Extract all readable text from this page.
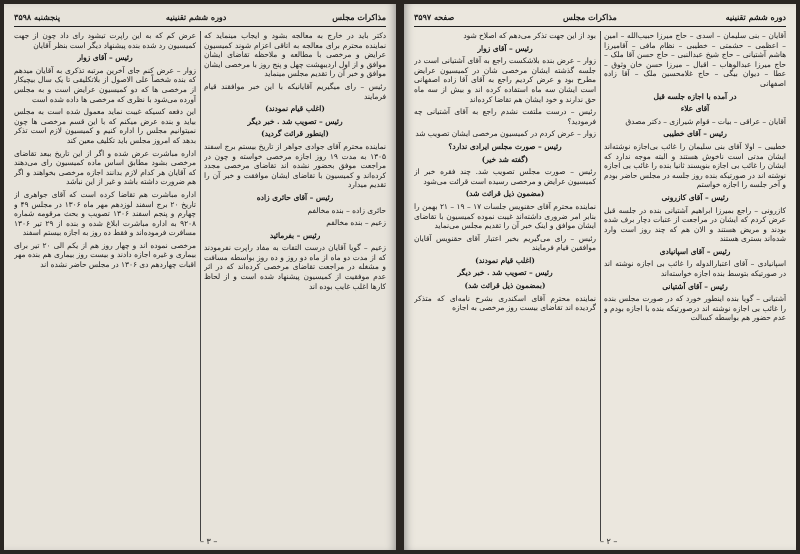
دوره ششم تقنینیه
مذاکرات مجلس
صفحه ۳۵۹۷

آقایان – بنی سلیمان – اسدی – حاج میرزا حبیب‌الله – امین – اعظمی – حشمتی – خطیبی – نظام مافی – آقامیرزا هاشم آشتیانی – حاج شیخ عبدالنبی – حاج حسن آقا ملک – حاج میرزا عبدالوهاب – اقبال – میرزا حسن خان وثوق – عطا – دیوان بیگی – حاج غلامحسین ملک – آقا زاده اصفهانی

در آمده با اجازه جلسه قبل

آقای علاء

آقایان – عراقی – بیات – قوام شیرازی – دکتر مصدق

رئیس – آقای خطیبی

خطیبی – اولا آقای بنی سلیمان را غائب بی‌اجازه نوشته‌اند ایشان مدتی است ناخوش هستند و البته موجه ندارد که ایشان را غائب بی اجازه بنویسند ثانیا بنده را غائب بی اجازه نوشته اند در صورتیکه بنده روز جلسه در مجلس حاضر بودم و آخر جلسه را اجازه خواستم

رئیس – آقای کازرونی

کازرونی – راجع بمیرزا ابراهیم آشتیانی بنده در جلسه قبل عرض کردم که ایشان در مراجعت از عتبات دچار برف شده بودند و مریض هستند و الان هم که چند روز است وارد شده‌اند بستری هستند

رئیس – آقای اسپانیادی

اسپانیادی – آقای اعتبارالدوله را غائب بی اجازه نوشته اند در صورتیکه بتوسط بنده اجازه خواسته‌اند

رئیس – آقای آشتیانی

آشتیانی – گویا بنده اینطور خورد که در صورت مجلس بنده را غائب بی اجازه نوشته اند درصورتیکه بنده با اجازه بودم و عدم حضور هم بواسطه کسالت

بود از این جهت تذکر می‌دهم که اصلاح شود

رئیس – آقای زوار

زوار – عرض بنده بلاشکست راجع به آقای آشتیانی است در جلسه گذشته ایشان مرخصی شان در کمیسیون عرایض مطرح بود و عرض کردیم راجع به آقای آقا زاده اصفهانی است ایشان سه ماه استفاده کرده اند و بیش از سه ماه حق ندارند و خود ایشان هم تقاضا کرده‌اند

رئیس – درست ملتفت نشدم راجع به آقای آشتیانی چه فرمودید؟

زوار – عرض کردم در کمیسیون مرخصی ایشان تصویب شد

رئیس – صورت مجلس ایرادی ندارد؟

(گفته شد خیر)

رئیس – صورت مجلس تصویب شد. چند فقره خبر از کمیسیون عرایض و مرخصی رسیده است قرائت می‌شود

(مضمون ذیل قرائت شد)

نماینده محترم آقای حقنویس جلسات ۱۷ – ۱۹ – ۲۱ بهمن را بنابر امر ضروری داشته‌اند غیبت نموده کمیسیون با تقاضای ایشان موافق و اینک خبر آن را تقدیم مجلس می‌نماید

رئیس – رای می‌گیریم بخبر اعتبار آقای حقنویس آقایان موافقین قیام فرمایند

(اغلب قیام نمودند)

رئیس – تصویب شد . خبر دیگر

(بمضمون ذیل قرائت شد)

نماینده محترم آقای اسکندری بشرح نامه‌ای که متذکر گردیده اند تقاضای بیست روز مرخصی به اجازه

– ۲ –
مذاکرات مجلس
دوره ششم تقنینیه
پنجشنبه ۳۵۹۸

دکتر باید در خارج به معالجه بشود و ایجاب مینماید که نماینده محترم برای معالجه به اتاقی اعزام شوند کمیسیون عرایض و مرخصی با مطالعه و ملاحظه تقاضای ایشان موافق و از اول اردیبهشت چهل و پنج روز با مرخصی ایشان موافق و خبر آن را تقدیم مجلس مینماید

رئیس – رای میگیریم آقایانیکه با این خبر موافقند قیام فرمایند

(اغلب قیام نمودند)

رئیس – تصویب شد . خبر دیگر

(اینطور قرائت گردید)

نماینده محترم آقای جوادی جواهر از تاریخ بیستم برج اسفند ۱۳۰۵ به مدت ۱۹ روز اجازه مرخصی خواسته و چون در مراجعت موفق بحضور نشده اند تقاضای مرخصی مجدد کرده‌اند و کمیسیون با تقاضای ایشان موافقت و خبر آن را تقدیم میدارد

رئیس – آقای حائری زاده

حائری زاده – بنده مخالفم

زعیم – بنده مخالفم

رئیس – بفرمائید

زعیم – گویا آقایان درست التفات به مفاد راپرت نفرمودند که از مدت دو ماه از ماه دو روز و ده روز بواسطه مسافت و مشغله در مراجعت تقاضای مرخصی کرده‌اند که در اثر عدم موفقیت از کمیسیون پیشنهاد شده است و از لحاظ کارها اغلب غایب بوده اند

عرض کم که به این راپرت تیشود رای داد چون از جهت کمیسیون رد شده بنده پیشنهاد دیگر است بنظر آقایان

رئیس – آقای زوار

زوار – عرض کنم جای آخرین مرتبه تذکری به آقایان میدهم که بنده شخصاً علی الاصول از بلاتکلیفی تا یک سال بیچیکار از مرخصی ها که دو کمیسیون عرایض است و به مجلس آورده می‌شود با نظری که مرخصی ها داده شده است

این دفعه کسیکه غیبت نماید معمول شده است به مجلس بیاید و بنده عرض میکنم که با این قسم مرخصی ها چون نمیتوانیم مجلس را اداره کنیم و کمیسیون لازم است تذکر بدهد که امروز مجلس باید تکلیف معین کند

اداره مباشرت عرض شده و اگر از این تاریخ ببعد تقاضای مرخصی بشود مطابق اساس ماده کمیسیون رای می‌دهند که آقایان هر کدام لازم بدانند اجازه مرخصی بخواهند و اگر هم ضرورت داشته باشد و غیر از این نباشد

اداره مباشرت هم تقاضا کرده است که آقای جواهری از تاریخ ۲۰ برج اسفند لوزدهم مهر ماه ۱۳۰۶ در مجلس ۴۹ و چهارم و پنجم اسفند ۱۳۰۶ تصویب و بحث مرقومه شماره ۹۲۰۸ به اداره مباشرت ابلاغ شده و بنده از ۲۹ تیر ۱۳۰۶ مسافرت فرموده‌اند و فقط ده روز به اجازه بیستم اسفند

مرخصی نموده اند و چهار روز هم از یکم الی ۲۰ تیر برای بیماری و غیره اجازه دادند و بیست روز بیماری هم بنده مهر اقبات چهاردهم دی ۱۳۰۶ در مجلس حاضر نشده اند

– ۳ –
